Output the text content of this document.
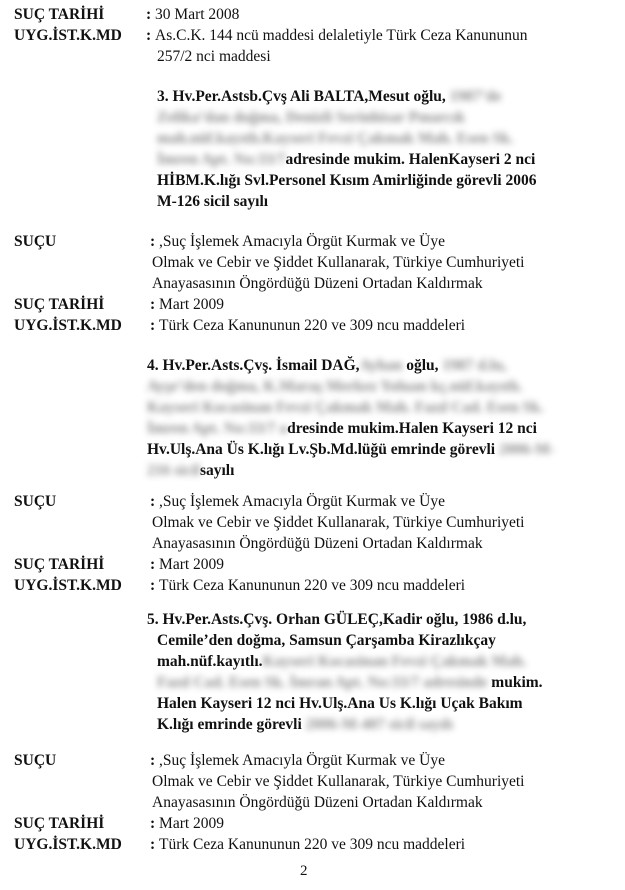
SUÇ TARİHİ	: 30 Mart 2008
UYG.İST.K.MD : As.C.K. 144 ncü maddesi delaletiyle Türk Ceza Kanununun
257/2 nci maddesi
3. Hv.Per.Astsb.Çvş Ali BALTA,Mesut oğlu, 1987’de
Zelika’dan doğma, Denizli Serinhisar Pınarcık
mah.nüf.kayıtlı.Kayseri Fevzi Çakmak Mah. Esen Sk.
İmren Apt. No:33/7adresinde mukim. HalenKayseri 2 nci
HİBM.K.lığı Svl.Personel Kısım Amirliğinde görevli 2006
M-126 sicil sayılı
SUÇU	: ,Suç İşlemek Amacıyla Örgüt Kurmak ve Üye
Olmak ve Cebir ve Şiddet Kullanarak, Türkiye Cumhuriyeti
Anayasasının Öngördüğü Düzeni Ortadan Kaldırmak
SUÇ TARİHİ	: Mart 2009
UYG.İST.K.MD : Türk Ceza Kanununun 220 ve 309 ncu maddeleri
4. Hv.Per.Asts.Çvş. İsmail DAĞ,Ayhan oğlu, 1987 d.lu,
Ayşe’den doğma, K.Maraş Merkez Yoluan kç.nüf.kayıtlı.
Kayseri Kocasinan Fevzi Çakmak Mah. Fazıl Cad. Esen Sk.
İmren Apt. No:33/7 adresinde mukim.Halen Kayseri 12 nci
Hv.Ulş.Ana Üs K.lığı Lv.Şb.Md.lüğü emrinde görevli 2006-M-
216 sicilsayılı
SUÇU	: ,Suç İşlemek Amacıyla Örgüt Kurmak ve Üye
Olmak ve Cebir ve Şiddet Kullanarak, Türkiye Cumhuriyeti
Anayasasının Öngördüğü Düzeni Ortadan Kaldırmak
SUÇ TARİHİ	: Mart 2009
UYG.İST.K.MD : Türk Ceza Kanununun 220 ve 309 ncu maddeleri
5. Hv.Per.Asts.Çvş. Orhan GÜLEÇ,Kadir oğlu, 1986 d.lu,
Cemile’den doğma, Samsun Çarşamba Kirazlıkçay
mah.nüf.kayıtlı.Kayseri Kocasinan Fevzi Çakmak Mah.
Fazıl Cad. Esen Sk. İmran Apt. No:33/7 adresinde mukim.
Halen Kayseri 12 nci Hv.Ulş.Ana Us K.lığı Uçak Bakım
K.lığı emrinde görevli 2006-M-407 sicil sayılı
SUÇU	: ,Suç İşlemek Amacıyla Örgüt Kurmak ve Üye
Olmak ve Cebir ve Şiddet Kullanarak, Türkiye Cumhuriyeti
Anayasasının Öngördüğü Düzeni Ortadan Kaldırmak
SUÇ TARİHİ	: Mart 2009
UYG.İST.K.MD : Türk Ceza Kanununun 220 ve 309 ncu maddeleri
2
